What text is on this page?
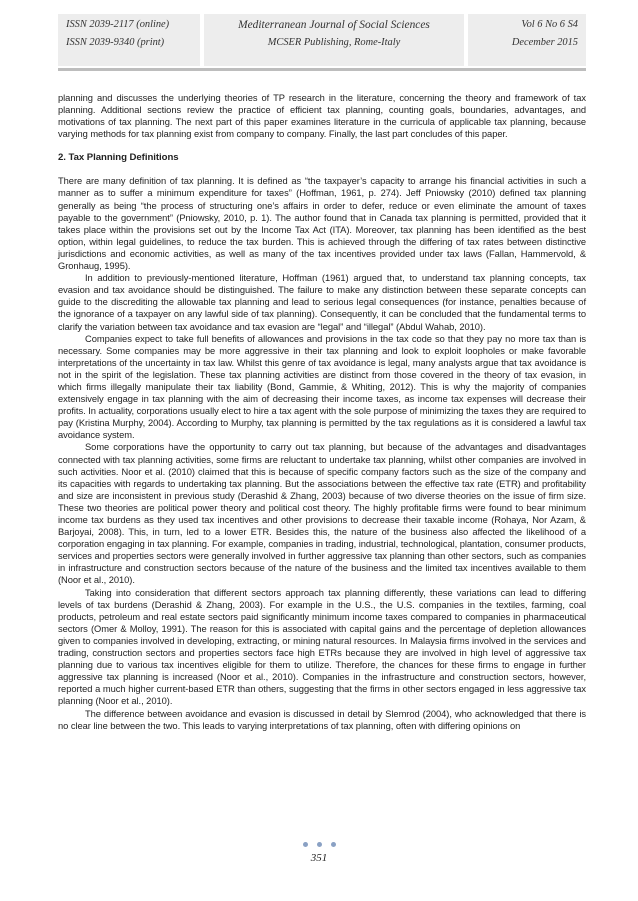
ISSN 2039-2117 (online)
ISSN 2039-9340 (print)
Mediterranean Journal of Social Sciences
MCSER Publishing, Rome-Italy
Vol 6 No 6 S4
December 2015

planning and discusses the underlying theories of TP research in the literature, concerning the theory and framework of tax planning. Additional sections review the practice of efficient tax planning, counting goals, boundaries, advantages, and motivations of tax planning. The next part of this paper examines literature in the curricula of applicable tax planning, because varying methods for tax planning exist from company to company. Finally, the last part concludes of this paper.

2. Tax Planning Definitions

There are many definition of tax planning. It is defined as “the taxpayer’s capacity to arrange his financial activities in such a manner as to suffer a minimum expenditure for taxes” (Hoffman, 1961, p. 274). Jeff Pniowsky (2010) defined tax planning generally as being “the process of structuring one’s affairs in order to defer, reduce or even eliminate the amount of taxes payable to the government” (Pniowsky, 2010, p. 1). The author found that in Canada tax planning is permitted, provided that it takes place within the provisions set out by the Income Tax Act (ITA). Moreover, tax planning has been identified as the best option, within legal guidelines, to reduce the tax burden. This is achieved through the differing of tax rates between distinctive jurisdictions and economic activities, as well as many of the tax incentives provided under tax laws (Fallan, Hammervold, & Gronhaug, 1995).

In addition to previously-mentioned literature, Hoffman (1961) argued that, to understand tax planning concepts, tax evasion and tax avoidance should be distinguished. The failure to make any distinction between these separate concepts can guide to the discrediting the allowable tax planning and lead to serious legal consequences (for instance, penalties because of the ignorance of a taxpayer on any lawful side of tax planning). Consequently, it can be concluded that the fundamental terms to clarify the variation between tax avoidance and tax evasion are “legal” and “illegal” (Abdul Wahab, 2010).

Companies expect to take full benefits of allowances and provisions in the tax code so that they pay no more tax than is necessary. Some companies may be more aggressive in their tax planning and look to exploit loopholes or make favorable interpretations of the uncertainty in tax law. Whilst this genre of tax avoidance is legal, many analysts argue that tax avoidance is not in the spirit of the legislation. These tax planning activities are distinct from those covered in the theory of tax evasion, in which firms illegally manipulate their tax liability (Bond, Gammie, & Whiting, 2012). This is why the majority of companies extensively engage in tax planning with the aim of decreasing their income taxes, as income tax expenses will decrease their profits. In actuality, corporations usually elect to hire a tax agent with the sole purpose of minimizing the taxes they are required to pay (Kristina Murphy, 2004). According to Murphy, tax planning is permitted by the tax regulations as it is considered a lawful tax avoidance system.

Some corporations have the opportunity to carry out tax planning, but because of the advantages and disadvantages connected with tax planning activities, some firms are reluctant to undertake tax planning, whilst other companies are involved in such activities. Noor et al. (2010) claimed that this is because of specific company factors such as the size of the company and its capacities with regards to undertaking tax planning. But the associations between the effective tax rate (ETR) and profitability and size are inconsistent in previous study (Derashid & Zhang, 2003) because of two diverse theories on the issue of firm size. These two theories are political power theory and political cost theory. The highly profitable firms were found to bear minimum income tax burdens as they used tax incentives and other provisions to decrease their taxable income (Rohaya, Nor Azam, & Barjoyai, 2008). This, in turn, led to a lower ETR. Besides this, the nature of the business also affected the likelihood of a corporation engaging in tax planning. For example, companies in trading, industrial, technological, plantation, consumer products, services and properties sectors were generally involved in further aggressive tax planning than other sectors, such as companies in infrastructure and construction sectors because of the nature of the business and the limited tax incentives available to them (Noor et al., 2010).

Taking into consideration that different sectors approach tax planning differently, these variations can lead to differing levels of tax burdens (Derashid & Zhang, 2003). For example in the U.S., the U.S. companies in the textiles, farming, coal products, petroleum and real estate sectors paid significantly minimum income taxes compared to companies in pharmaceutical sectors (Omer & Molloy, 1991). The reason for this is associated with capital gains and the percentage of depletion allowances given to companies involved in developing, extracting, or mining natural resources. In Malaysia firms involved in the services and trading, construction sectors and properties sectors face high ETRs because they are involved in high level of aggressive tax planning due to various tax incentives eligible for them to utilize. Therefore, the chances for these firms to engage in further aggressive tax planning is increased (Noor et al., 2010). Companies in the infrastructure and construction sectors, however, reported a much higher current-based ETR than others, suggesting that the firms in other sectors engaged in less aggressive tax planning (Noor et al., 2010).

The difference between avoidance and evasion is discussed in detail by Slemrod (2004), who acknowledged that there is no clear line between the two. This leads to varying interpretations of tax planning, often with differing opinions on

351
